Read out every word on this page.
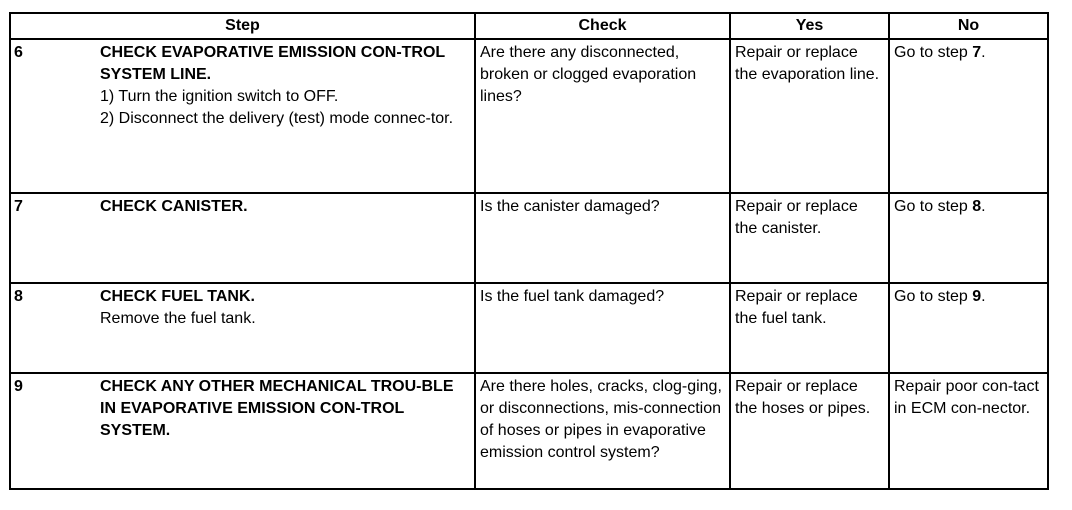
Step	Check	Yes	No

6 CHECK EVAPORATIVE EMISSION CON-TROL SYSTEM LINE.
1) Turn the ignition switch to OFF.
2) Disconnect the delivery (test) mode connec-tor.	Are there any disconnected, broken or clogged evaporation lines?	Repair or replace the evaporation line.	Go to step 7.

7 CHECK CANISTER.	Is the canister damaged?	Repair or replace the canister.	Go to step 8.

8 CHECK FUEL TANK.
Remove the fuel tank.	Is the fuel tank damaged?	Repair or replace the fuel tank.	Go to step 9.

9 CHECK ANY OTHER MECHANICAL TROU-BLE IN EVAPORATIVE EMISSION CON-TROL SYSTEM.	Are there holes, cracks, clog-ging, or disconnections, mis-connection of hoses or pipes in evaporative emission control system?	Repair or replace the hoses or pipes.	Repair poor con-tact in ECM con-nector.
